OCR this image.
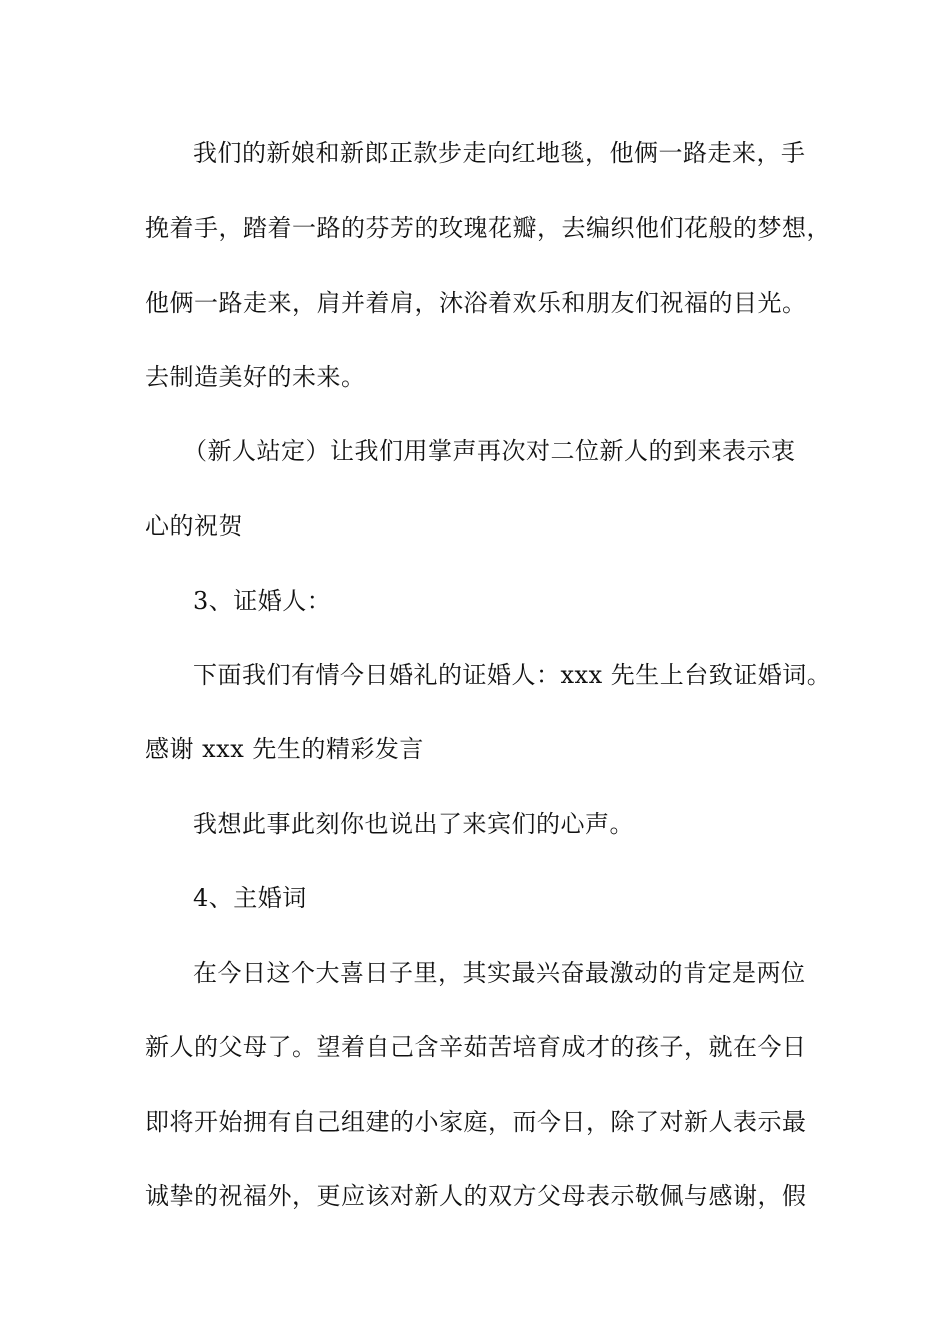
我们的新娘和新郎正款步走向红地毯，他俩一路走来，手
挽着手，踏着一路的芬芳的玫瑰花瓣，去编织他们花般的梦想，
他俩一路走来，肩并着肩，沐浴着欢乐和朋友们祝福的目光。
去制造美好的未来。
（新人站定）让我们用掌声再次对二位新人的到来表示衷
心的祝贺
3、证婚人：
下面我们有情今日婚礼的证婚人：xxx 先生上台致证婚词。
感谢 xxx 先生的精彩发言
我想此事此刻你也说出了来宾们的心声。
4、主婚词
在今日这个大喜日子里，其实最兴奋最激动的肯定是两位
新人的父母了。望着自己含辛茹苦培育成才的孩子，就在今日
即将开始拥有自己组建的小家庭，而今日，除了对新人表示最
诚挚的祝福外，更应该对新人的双方父母表示敬佩与感谢，假
